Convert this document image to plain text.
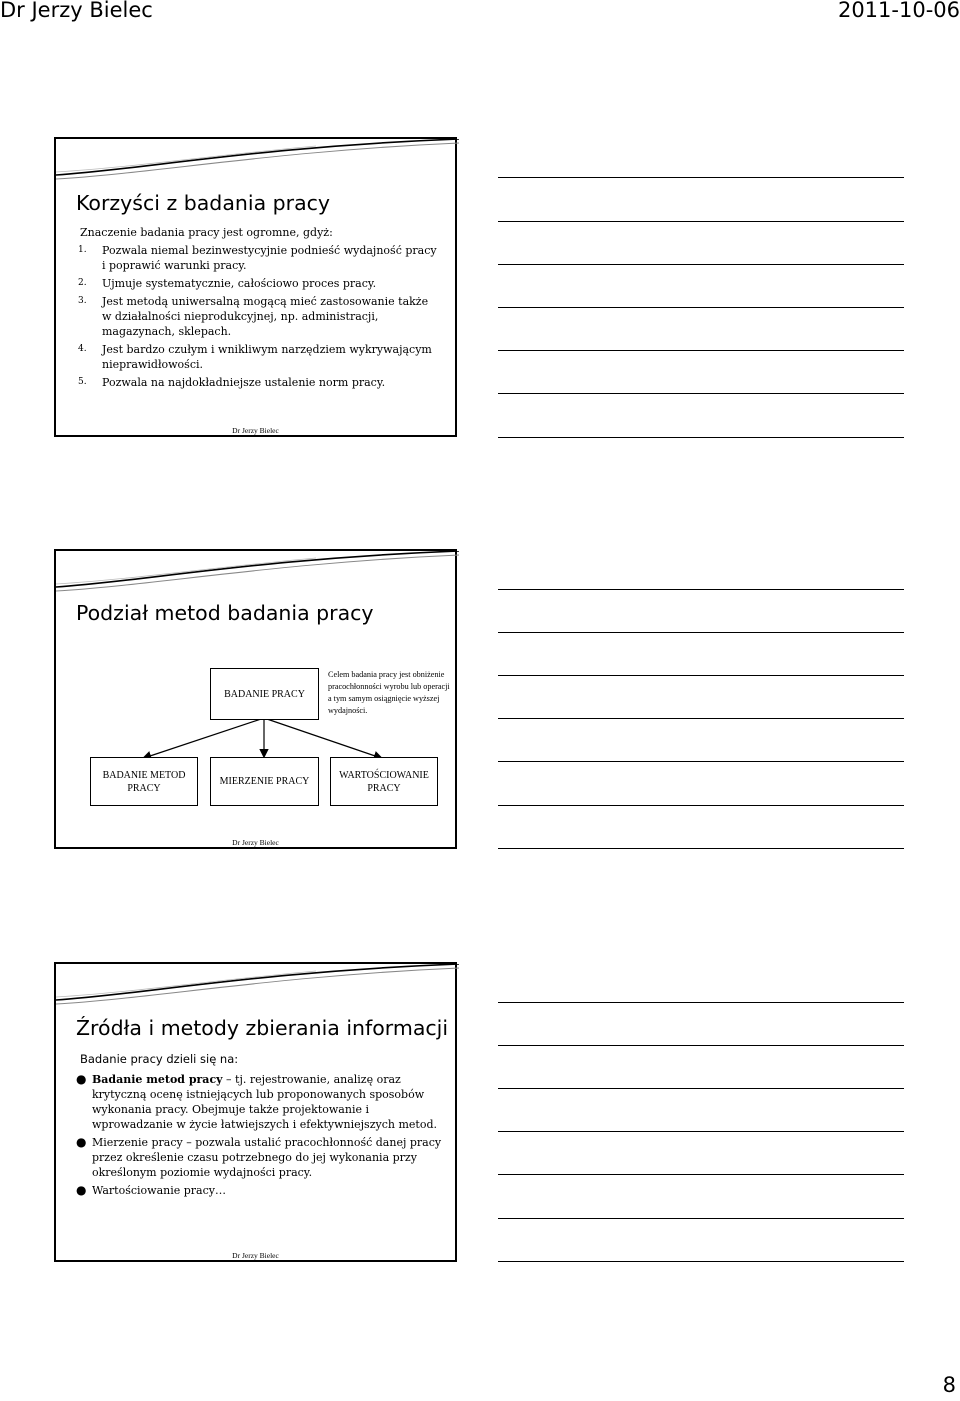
Dr Jerzy Bielec	2011-10-06
Korzyści z badania pracy
Znaczenie badania pracy jest ogromne, gdyż:
1.	Pozwala niemal bezinwestycyjnie podnieść wydajność pracy i poprawić warunki pracy.
2.	Ujmuje systematycznie, całościowo proces pracy.
3.	Jest metodą uniwersalną mogącą mieć zastosowanie także w działalności nieprodukcyjnej, np. administracji, magazynach, sklepach.
4.	Jest bardzo czułym i wnikliwym narzędziem wykrywającym nieprawidłowości.
5.	Pozwala na najdokładniejsze ustalenie norm pracy.
Dr Jerzy Bielec
Podział metod badania pracy
BADANIE PRACY
Celem badania pracy jest obniżenie pracochłonności wyrobu lub operacji a tym samym osiągnięcie wyższej wydajności.
BADANIE METOD PRACY
MIERZENIE PRACY
WARTOŚCIOWANIE PRACY
Dr Jerzy Bielec
Źródła i metody zbierania informacji
Badanie pracy dzieli się na:
● Badanie metod pracy – tj. rejestrowanie, analizę oraz krytyczną ocenę istniejących lub proponowanych sposobów wykonania pracy. Obejmuje także projektowanie i wprowadzanie w życie łatwiejszych i efektywniejszych metod.
● Mierzenie pracy – pozwala ustalić pracochłonność danej pracy przez określenie czasu potrzebnego do jej wykonania przy określonym poziomie wydajności pracy.
● Wartościowanie pracy…
Dr Jerzy Bielec
8
